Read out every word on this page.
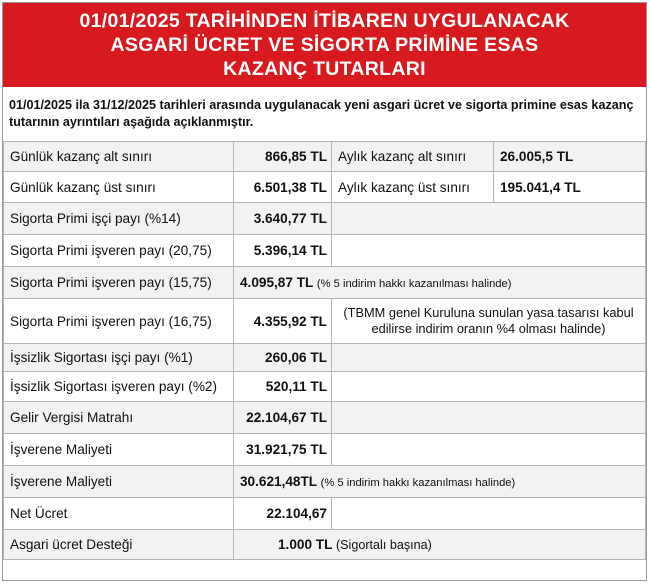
01/01/2025 TARİHİNDEN İTİBAREN UYGULANACAK
ASGARİ ÜCRET VE SİGORTA PRİMİNE ESAS
KAZANÇ TUTARLARI
01/01/2025 ila 31/12/2025 tarihleri arasında uygulanacak yeni asgari ücret ve sigorta primine esas kazanç tutarının ayrıntıları aşağıda açıklanmıştır.
Günlük kazanç alt sınırı	866,85 TL	Aylık kazanç alt sınırı	26.005,5 TL
Günlük kazanç üst sınırı	6.501,38 TL	Aylık kazanç üst sınırı	195.041,4 TL
Sigorta Primi işçi payı (%14)	3.640,77 TL		
Sigorta Primi işveren payı (20,75)	5.396,14 TL		
Sigorta Primi işveren payı (15,75)	4.095,87 TL (% 5 indirim hakkı kazanılması halinde)		
Sigorta Primi işveren payı (16,75)	4.355,92 TL	(TBMM genel Kuruluna sunulan yasa tasarısı kabul edilirse indirim oranın %4 olması halinde)	
İşsizlik Sigortası işçi payı (%1)	260,06 TL		
İşsizlik Sigortası işveren payı (%2)	520,11 TL		
Gelir Vergisi Matrahı	22.104,67 TL		
İşverene Maliyeti	31.921,75 TL		
İşverene Maliyeti	30.621,48TL (% 5 indirim hakkı kazanılması halinde)		
Net Ücret	22.104,67		
Asgari ücret Desteği	1.000 TL (Sigortalı başına)		
